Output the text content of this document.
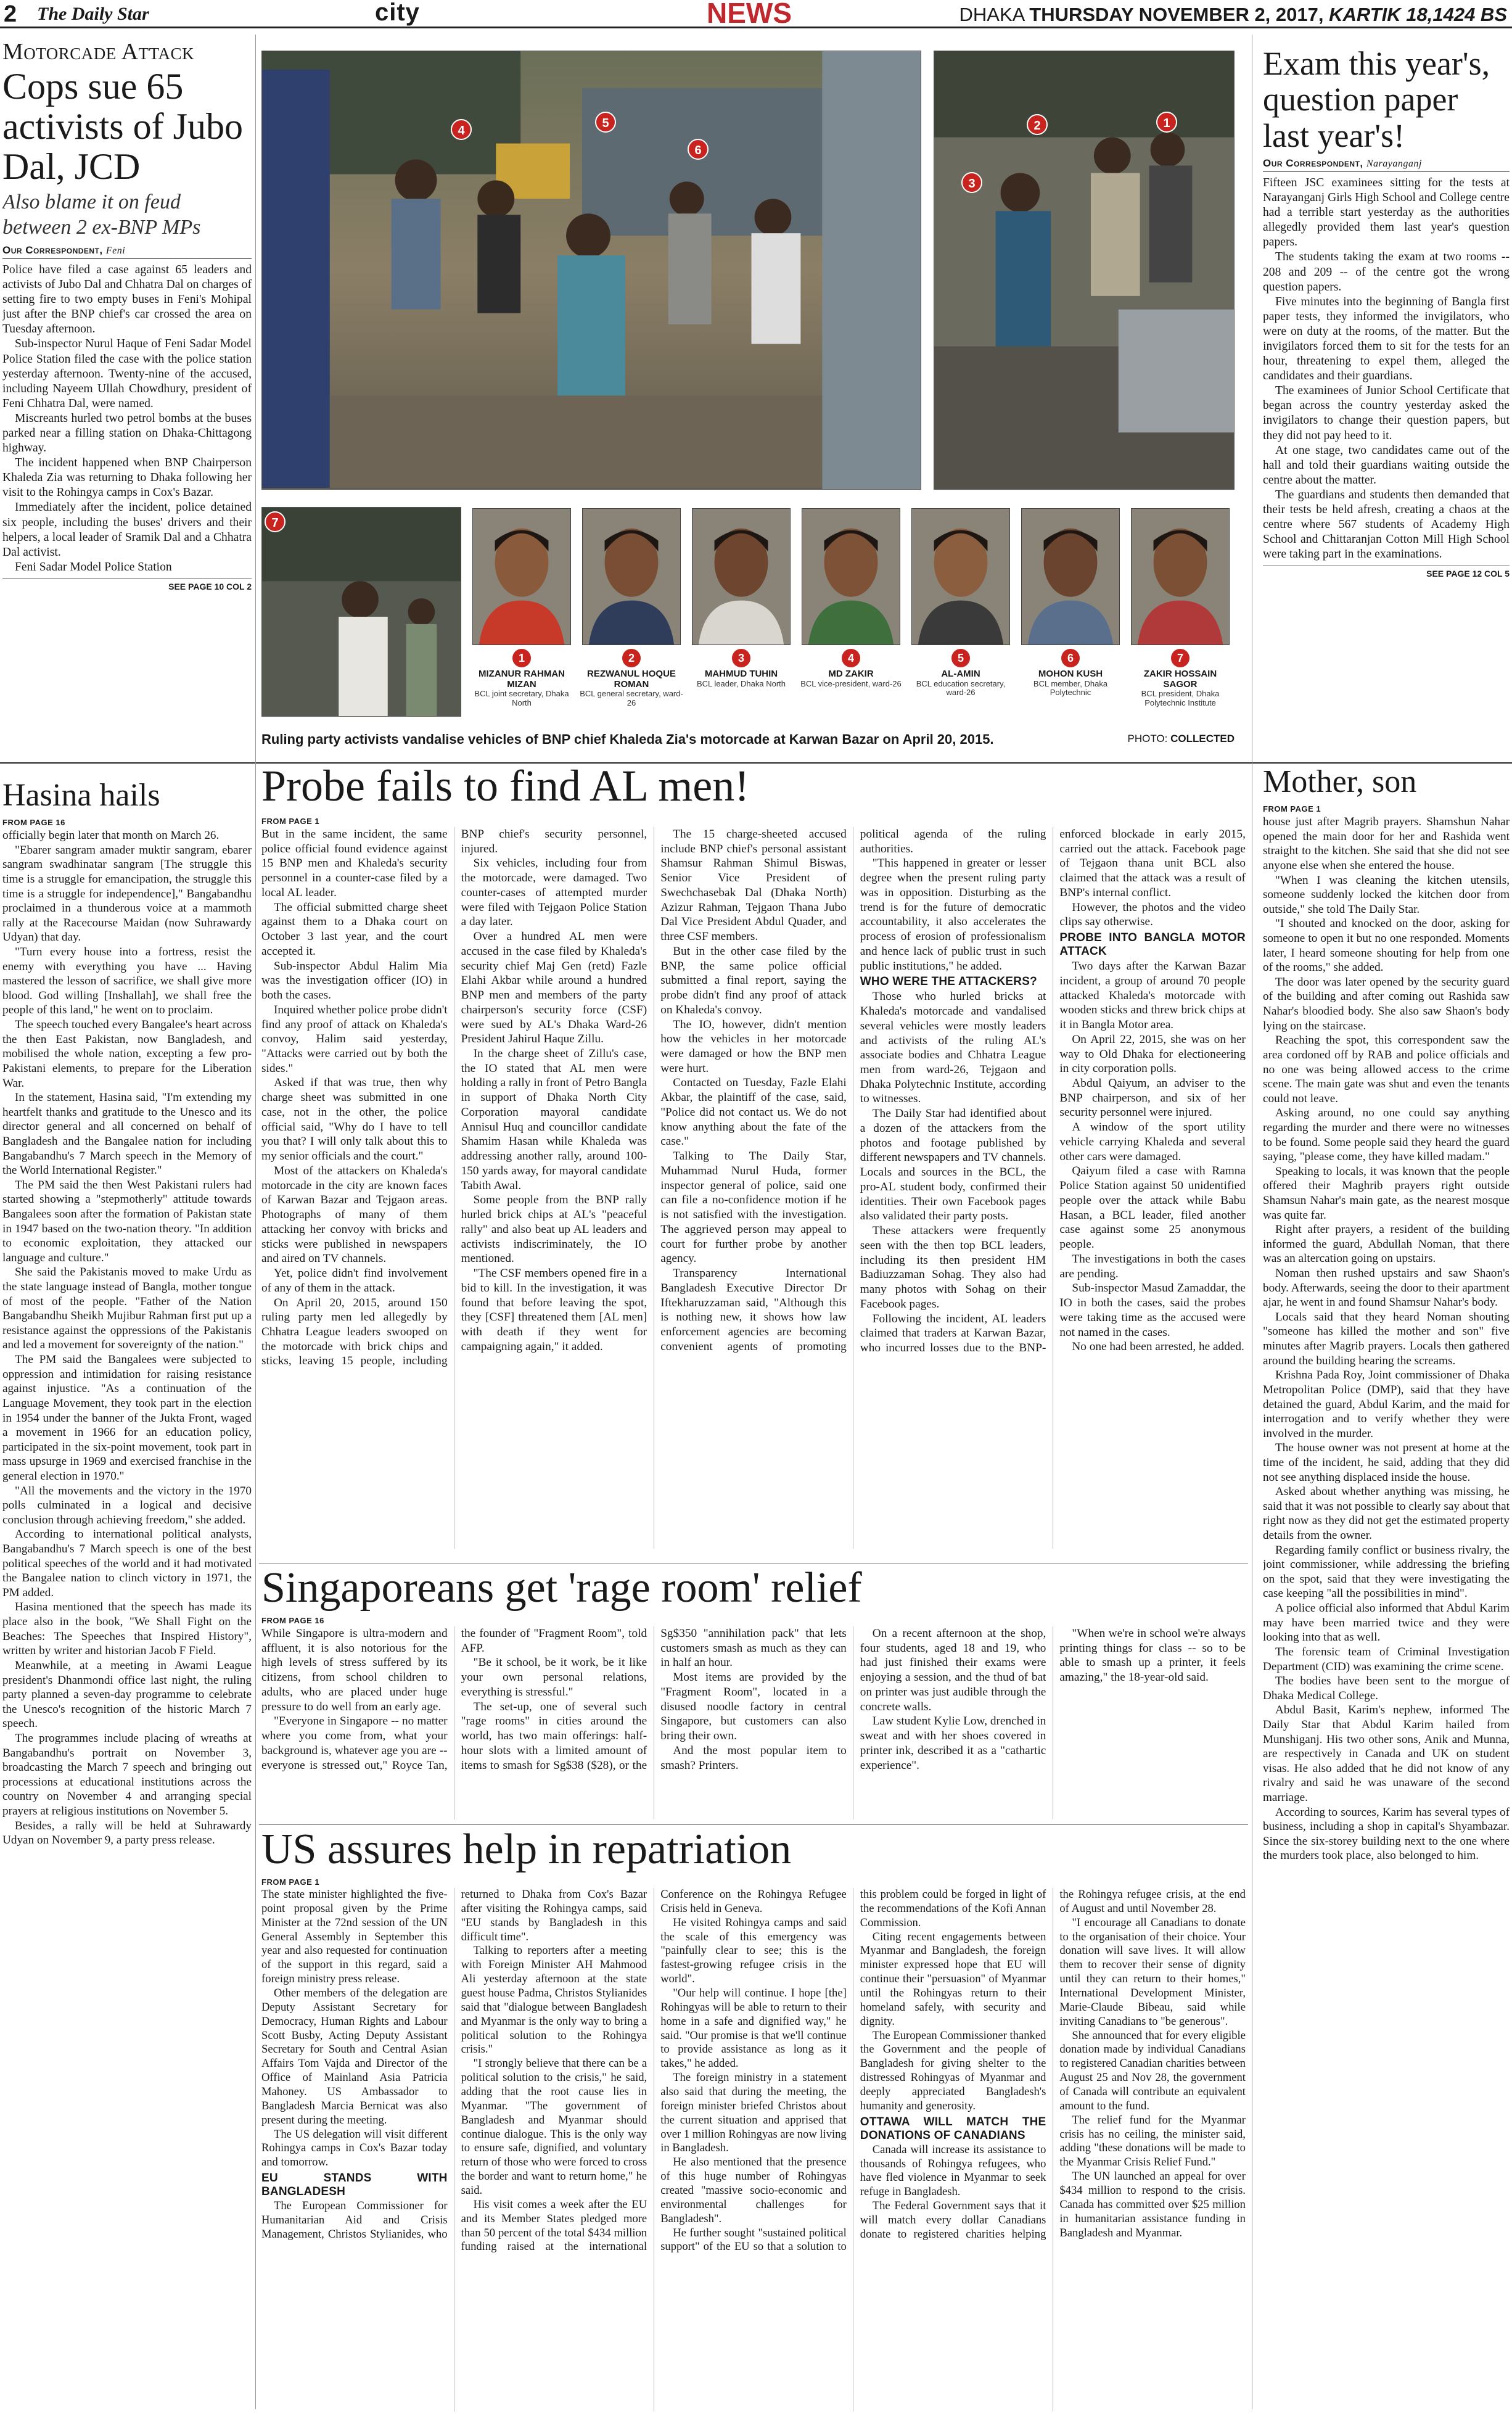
2 The Daily Star	city	NEWS	DHAKA THURSDAY NOVEMBER 2, 2017, KARTIK 18,1424 BS
Motorcade Attack
Cops sue 65 activists of Jubo Dal, JCD
Also blame it on feud between 2 ex-BNP MPs
Our Correspondent, Feni

Police have filed a case against 65 leaders and activists of Jubo Dal and Chhatra Dal on charges of setting fire to two empty buses in Feni's Mohipal just after the BNP chief's car crossed the area on Tuesday afternoon.

Sub-inspector Nurul Haque of Feni Sadar Model Police Station filed the case with the police station yesterday afternoon. Twenty-nine of the accused, including Nayeem Ullah Chowdhury, president of Feni Chhatra Dal, were named.

Miscreants hurled two petrol bombs at the buses parked near a filling station on Dhaka-Chittagong highway.

The incident happened when BNP Chairperson Khaleda Zia was returning to Dhaka following her visit to the Rohingya camps in Cox's Bazar.

Immediately after the incident, police detained six people, including the buses' drivers and their helpers, a local leader of Sramik Dal and a Chhatra Dal activist.

Feni Sadar Model Police Station

SEE PAGE 10 COL 2
4
5
6
1
2
3
7
1
MIZANUR RAHMAN MIZAN
BCL joint secretary, Dhaka North
2
REZWANUL HOQUE ROMAN
BCL general secretary, ward-26
3
MAHMUD TUHIN
BCL leader, Dhaka North
4
MD ZAKIR
BCL vice-president, ward-26
5
AL-AMIN
BCL education secretary, ward-26
6
MOHON KUSH
BCL member, Dhaka Polytechnic
7
ZAKIR HOSSAIN SAGOR
BCL president, Dhaka Polytechnic Institute
Ruling party activists vandalise vehicles of BNP chief Khaleda Zia's motorcade at Karwan Bazar on April 20, 2015.	PHOTO: COLLECTED
Exam this year's, question paper last year's!
Our Correspondent, Narayanganj

Fifteen JSC examinees sitting for the tests at Narayanganj Girls High School and College centre had a terrible start yesterday as the authorities allegedly provided them last year's question papers.

The students taking the exam at two rooms -- 208 and 209 -- of the centre got the wrong question papers.

Five minutes into the beginning of Bangla first paper tests, they informed the invigilators, who were on duty at the rooms, of the matter. But the invigilators forced them to sit for the tests for an hour, threatening to expel them, alleged the candidates and their guardians.

The examinees of Junior School Certificate that began across the country yesterday asked the invigilators to change their question papers, but they did not pay heed to it.

At one stage, two candidates came out of the hall and told their guardians waiting outside the centre about the matter.

The guardians and students then demanded that their tests be held afresh, creating a chaos at the centre where 567 students of Academy High School and Chittaranjan Cotton Mill High School were taking part in the examinations.

SEE PAGE 12 COL 5
Hasina hails
FROM PAGE 16

officially begin later that month on March 26.

"Ebarer sangram amader muktir sangram, ebarer sangram swadhinatar sangram [The struggle this time is a struggle for emancipation, the struggle this time is a struggle for independence]," Bangabandhu proclaimed in a thunderous voice at a mammoth rally at the Racecourse Maidan (now Suhrawardy Udyan) that day.

"Turn every house into a fortress, resist the enemy with everything you have ... Having mastered the lesson of sacrifice, we shall give more blood. God willing [Inshallah], we shall free the people of this land," he went on to proclaim.

The speech touched every Bangalee's heart across the then East Pakistan, now Bangladesh, and mobilised the whole nation, excepting a few pro-Pakistani elements, to prepare for the Liberation War.

In the statement, Hasina said, "I'm extending my heartfelt thanks and gratitude to the Unesco and its director general and all concerned on behalf of Bangladesh and the Bangalee nation for including Bangabandhu's 7 March speech in the Memory of the World International Register."

The PM said the then West Pakistani rulers had started showing a "stepmotherly" attitude towards Bangalees soon after the formation of Pakistan state in 1947 based on the two-nation theory. "In addition to economic exploitation, they attacked our language and culture."

She said the Pakistanis moved to make Urdu as the state language instead of Bangla, mother tongue of most of the people. "Father of the Nation Bangabandhu Sheikh Mujibur Rahman first put up a resistance against the oppressions of the Pakistanis and led a movement for sovereignty of the nation."

The PM said the Bangalees were subjected to oppression and intimidation for raising resistance against injustice. "As a continuation of the Language Movement, they took part in the election in 1954 under the banner of the Jukta Front, waged a movement in 1966 for an education policy, participated in the six-point movement, took part in mass upsurge in 1969 and exercised franchise in the general election in 1970."

"All the movements and the victory in the 1970 polls culminated in a logical and decisive conclusion through achieving freedom," she added.

According to international political analysts, Bangabandhu's 7 March speech is one of the best political speeches of the world and it had motivated the Bangalee nation to clinch victory in 1971, the PM added.

Hasina mentioned that the speech has made its place also in the book, "We Shall Fight on the Beaches: The Speeches that Inspired History", written by writer and historian Jacob F Field.

Meanwhile, at a meeting in Awami League president's Dhanmondi office last night, the ruling party planned a seven-day programme to celebrate the Unesco's recognition of the historic March 7 speech.

The programmes include placing of wreaths at Bangabandhu's portrait on November 3, broadcasting the March 7 speech and bringing out processions at educational institutions across the country on November 4 and arranging special prayers at religious institutions on November 5.

Besides, a rally will be held at Suhrawardy Udyan on November 9, a party press release.

Probe fails to find AL men!
FROM PAGE 1

But in the same incident, the same police official found evidence against 15 BNP men and Khaleda's security personnel in a counter-case filed by a local AL leader.

The official submitted charge sheet against them to a Dhaka court on October 3 last year, and the court accepted it.

Sub-inspector Abdul Halim Mia was the investigation officer (IO) in both the cases.

Inquired whether police probe didn't find any proof of attack on Khaleda's convoy, Halim said yesterday, "Attacks were carried out by both the sides."

Asked if that was true, then why charge sheet was submitted in one case, not in the other, the police official said, "Why do I have to tell you that? I will only talk about this to my senior officials and the court."

Most of the attackers on Khaleda's motorcade in the city are known faces of Karwan Bazar and Tejgaon areas. Photographs of many of them attacking her convoy with bricks and sticks were published in newspapers and aired on TV channels.

Yet, police didn't find involvement of any of them in the attack.

On April 20, 2015, around 150 ruling party men led allegedly by Chhatra League leaders swooped on the motorcade with brick chips and sticks, leaving 15 people, including BNP chief's security personnel, injured.

Six vehicles, including four from the motorcade, were damaged. Two counter-cases of attempted murder were filed with Tejgaon Police Station a day later.

Over a hundred AL men were accused in the case filed by Khaleda's security chief Maj Gen (retd) Fazle Elahi Akbar while around a hundred BNP men and members of the party chairperson's security force (CSF) were sued by AL's Dhaka Ward-26 President Jahirul Haque Zillu.

In the charge sheet of Zillu's case, the IO stated that AL men were holding a rally in front of Petro Bangla in support of Dhaka North City Corporation mayoral candidate Annisul Huq and councillor candidate Shamim Hasan while Khaleda was addressing another rally, around 100-150 yards away, for mayoral candidate Tabith Awal.

Some people from the BNP rally hurled brick chips at AL's "peaceful rally" and also beat up AL leaders and activists indiscriminately, the IO mentioned.

"The CSF members opened fire in a bid to kill. In the investigation, it was found that before leaving the spot, they [CSF] threatened them [AL men] with death if they went for campaigning again," it added.

The 15 charge-sheeted accused include BNP chief's personal assistant Shamsur Rahman Shimul Biswas, Senior Vice President of Swechchasebak Dal (Dhaka North) Azizur Rahman, Tejgaon Thana Jubo Dal Vice President Abdul Quader, and three CSF members.

But in the other case filed by the BNP, the same police official submitted a final report, saying the probe didn't find any proof of attack on Khaleda's convoy.

The IO, however, didn't mention how the vehicles in her motorcade were damaged or how the BNP men were hurt.

Contacted on Tuesday, Fazle Elahi Akbar, the plaintiff of the case, said, "Police did not contact us. We do not know anything about the fate of the case."

Talking to The Daily Star, Muhammad Nurul Huda, former inspector general of police, said one can file a no-confidence motion if he is not satisfied with the investigation. The aggrieved person may appeal to court for further probe by another agency.

Transparency International Bangladesh Executive Director Dr Iftekharuzzaman said, "Although this is nothing new, it shows how law enforcement agencies are becoming convenient agents of promoting political agenda of the ruling authorities.

"This happened in greater or lesser degree when the present ruling party was in opposition. Disturbing as the trend is for the future of democratic accountability, it also accelerates the process of erosion of professionalism and hence lack of public trust in such public institutions," he added.

WHO WERE THE ATTACKERS?

Those who hurled bricks at Khaleda's motorcade and vandalised several vehicles were mostly leaders and activists of the ruling AL's associate bodies and Chhatra League men from ward-26, Tejgaon and Dhaka Polytechnic Institute, according to witnesses.

The Daily Star had identified about a dozen of the attackers from the photos and footage published by different newspapers and TV channels. Locals and sources in the BCL, the pro-AL student body, confirmed their identities. Their own Facebook pages also validated their party posts.

These attackers were frequently seen with the then top BCL leaders, including its then president HM Badiuzzaman Sohag. They also had many photos with Sohag on their Facebook pages.

Following the incident, AL leaders claimed that traders at Karwan Bazar, who incurred losses due to the BNP-enforced blockade in early 2015, carried out the attack. Facebook page of Tejgaon thana unit BCL also claimed that the attack was a result of BNP's internal conflict.

However, the photos and the video clips say otherwise.

PROBE INTO BANGLA MOTOR ATTACK

Two days after the Karwan Bazar incident, a group of around 70 people attacked Khaleda's motorcade with wooden sticks and threw brick chips at it in Bangla Motor area.

On April 22, 2015, she was on her way to Old Dhaka for electioneering in city corporation polls.

Abdul Qaiyum, an adviser to the BNP chairperson, and six of her security personnel were injured.

A window of the sport utility vehicle carrying Khaleda and several other cars were damaged.

Qaiyum filed a case with Ramna Police Station against 50 unidentified people over the attack while Babu Hasan, a BCL leader, filed another case against some 25 anonymous people.

The investigations in both the cases are pending.

Sub-inspector Masud Zamaddar, the IO in both the cases, said the probes were taking time as the accused were not named in the cases.

No one had been arrested, he added.

Singaporeans get 'rage room' relief
FROM PAGE 16

While Singapore is ultra-modern and affluent, it is also notorious for the high levels of stress suffered by its citizens, from school children to adults, who are placed under huge pressure to do well from an early age.

"Everyone in Singapore -- no matter where you come from, what your background is, whatever age you are -- everyone is stressed out," Royce Tan, the founder of "Fragment Room", told AFP.

"Be it school, be it work, be it like your own personal relations, everything is stressful."

The set-up, one of several such "rage rooms" in cities around the world, has two main offerings: half-hour slots with a limited amount of items to smash for Sg$38 ($28), or the Sg$350 "annihilation pack" that lets customers smash as much as they can in half an hour.

Most items are provided by the "Fragment Room", located in a disused noodle factory in central Singapore, but customers can also bring their own.

And the most popular item to smash? Printers.

On a recent afternoon at the shop, four students, aged 18 and 19, who had just finished their exams were enjoying a session, and the thud of bat on printer was just audible through the concrete walls.

Law student Kylie Low, drenched in sweat and with her shoes covered in printer ink, described it as a "cathartic experience".

"When we're in school we're always printing things for class -- so to be able to smash up a printer, it feels amazing," the 18-year-old said.

US assures help in repatriation
FROM PAGE 1

The state minister highlighted the five-point proposal given by the Prime Minister at the 72nd session of the UN General Assembly in September this year and also requested for continuation of the support in this regard, said a foreign ministry press release.

Other members of the delegation are Deputy Assistant Secretary for Democracy, Human Rights and Labour Scott Busby, Acting Deputy Assistant Secretary for South and Central Asian Affairs Tom Vajda and Director of the Office of Mainland Asia Patricia Mahoney. US Ambassador to Bangladesh Marcia Bernicat was also present during the meeting.

The US delegation will visit different Rohingya camps in Cox's Bazar today and tomorrow.

EU STANDS WITH BANGLADESH

The European Commissioner for Humanitarian Aid and Crisis Management, Christos Stylianides, who returned to Dhaka from Cox's Bazar after visiting the Rohingya camps, said "EU stands by Bangladesh in this difficult time".

Talking to reporters after a meeting with Foreign Minister AH Mahmood Ali yesterday afternoon at the state guest house Padma, Christos Stylianides said that "dialogue between Bangladesh and Myanmar is the only way to bring a political solution to the Rohingya crisis."

"I strongly believe that there can be a political solution to the crisis," he said, adding that the root cause lies in Myanmar. "The government of Bangladesh and Myanmar should continue dialogue. This is the only way to ensure safe, dignified, and voluntary return of those who were forced to cross the border and want to return home," he said.

His visit comes a week after the EU and its Member States pledged more than 50 percent of the total $434 million funding raised at the international Conference on the Rohingya Refugee Crisis held in Geneva.

He visited Rohingya camps and said the scale of this emergency was "painfully clear to see; this is the fastest-growing refugee crisis in the world".

"Our help will continue. I hope [the] Rohingyas will be able to return to their home in a safe and dignified way," he said. "Our promise is that we'll continue to provide assistance as long as it takes," he added.

The foreign ministry in a statement also said that during the meeting, the foreign minister briefed Christos about the current situation and apprised that over 1 million Rohingyas are now living in Bangladesh.

He also mentioned that the presence of this huge number of Rohingyas created "massive socio-economic and environmental challenges for Bangladesh".

He further sought "sustained political support" of the EU so that a solution to this problem could be forged in light of the recommendations of the Kofi Annan Commission.

Citing recent engagements between Myanmar and Bangladesh, the foreign minister expressed hope that EU will continue their "persuasion" of Myanmar until the Rohingyas return to their homeland safely, with security and dignity.

The European Commissioner thanked the Government and the people of Bangladesh for giving shelter to the distressed Rohingyas of Myanmar and deeply appreciated Bangladesh's humanity and generosity.

OTTAWA WILL MATCH THE DONATIONS OF CANADIANS

Canada will increase its assistance to thousands of Rohingya refugees, who have fled violence in Myanmar to seek refuge in Bangladesh.

The Federal Government says that it will match every dollar Canadians donate to registered charities helping the Rohingya refugee crisis, at the end of August and until November 28.

"I encourage all Canadians to donate to the organisation of their choice. Your donation will save lives. It will allow them to recover their sense of dignity until they can return to their homes," International Development Minister, Marie-Claude Bibeau, said while inviting Canadians to "be generous".

She announced that for every eligible donation made by individual Canadians to registered Canadian charities between August 25 and Nov 28, the government of Canada will contribute an equivalent amount to the fund.

The relief fund for the Myanmar crisis has no ceiling, the minister said, adding "these donations will be made to the Myanmar Crisis Relief Fund."

The UN launched an appeal for over $434 million to respond to the crisis. Canada has committed over $25 million in humanitarian assistance funding in Bangladesh and Myanmar.

Mother, son
FROM PAGE 1

house just after Magrib prayers. Shamshun Nahar opened the main door for her and Rashida went straight to the kitchen. She said that she did not see anyone else when she entered the house.

"When I was cleaning the kitchen utensils, someone suddenly locked the kitchen door from outside," she told The Daily Star.

"I shouted and knocked on the door, asking for someone to open it but no one responded. Moments later, I heard someone shouting for help from one of the rooms," she added.

The door was later opened by the security guard of the building and after coming out Rashida saw Nahar's bloodied body. She also saw Shaon's body lying on the staircase.

Reaching the spot, this correspondent saw the area cordoned off by RAB and police officials and no one was being allowed access to the crime scene. The main gate was shut and even the tenants could not leave.

Asking around, no one could say anything regarding the murder and there were no witnesses to be found. Some people said they heard the guard saying, "please come, they have killed madam."

Speaking to locals, it was known that the people offered their Maghrib prayers right outside Shamsun Nahar's main gate, as the nearest mosque was quite far.

Right after prayers, a resident of the building informed the guard, Abdullah Noman, that there was an altercation going on upstairs.

Noman then rushed upstairs and saw Shaon's body. Afterwards, seeing the door to their apartment ajar, he went in and found Shamsur Nahar's body.

Locals said that they heard Noman shouting "someone has killed the mother and son" five minutes after Magrib prayers. Locals then gathered around the building hearing the screams.

Krishna Pada Roy, Joint commissioner of Dhaka Metropolitan Police (DMP), said that they have detained the guard, Abdul Karim, and the maid for interrogation and to verify whether they were involved in the murder.

The house owner was not present at home at the time of the incident, he said, adding that they did not see anything displaced inside the house.

Asked about whether anything was missing, he said that it was not possible to clearly say about that right now as they did not get the estimated property details from the owner.

Regarding family conflict or business rivalry, the joint commissioner, while addressing the briefing on the spot, said that they were investigating the case keeping "all the possibilities in mind".

A police official also informed that Abdul Karim may have been married twice and they were looking into that as well.

The forensic team of Criminal Investigation Department (CID) was examining the crime scene.

The bodies have been sent to the morgue of Dhaka Medical College.

Abdul Basit, Karim's nephew, informed The Daily Star that Abdul Karim hailed from Munshiganj. His two other sons, Anik and Munna, are respectively in Canada and UK on student visas. He also added that he did not know of any rivalry and said he was unaware of the second marriage.

According to sources, Karim has several types of business, including a shop in capital's Shyambazar. Since the six-storey building next to the one where the murders took place, also belonged to him.
